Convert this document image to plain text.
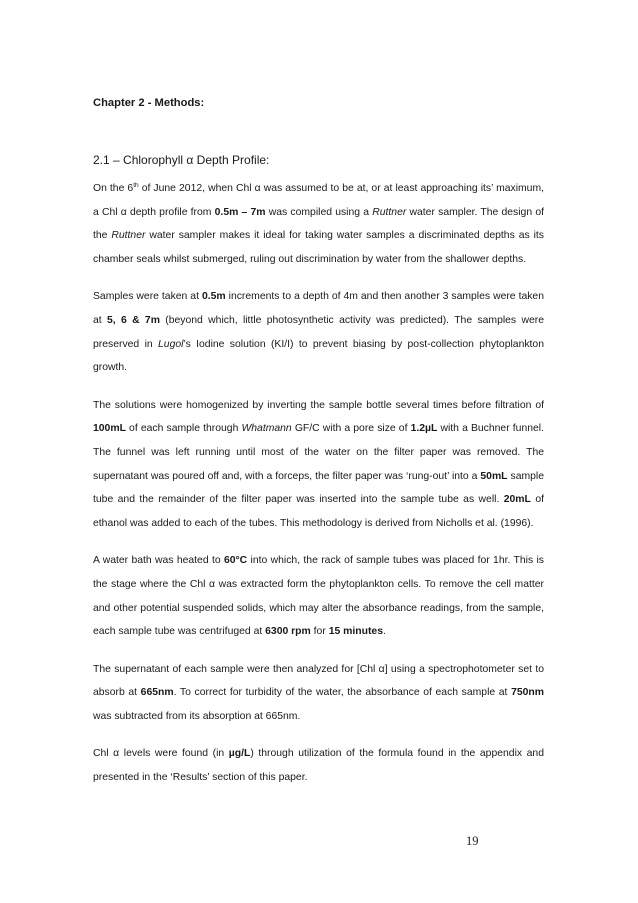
Chapter 2 - Methods:
2.1 – Chlorophyll α Depth Profile:

On the 6th of June 2012, when Chl α was assumed to be at, or at least approaching its’ maximum, a Chl α depth profile from 0.5m – 7m was compiled using a Ruttner water sampler. The design of the Ruttner water sampler makes it ideal for taking water samples a discriminated depths as its chamber seals whilst submerged, ruling out discrimination by water from the shallower depths.

Samples were taken at 0.5m increments to a depth of 4m and then another 3 samples were taken at 5, 6 & 7m (beyond which, little photosynthetic activity was predicted). The samples were preserved in Lugol’s Iodine solution (KI/I) to prevent biasing by post-collection phytoplankton growth.

The solutions were homogenized by inverting the sample bottle several times before filtration of 100mL of each sample through Whatmann GF/C with a pore size of 1.2µL with a Buchner funnel. The funnel was left running until most of the water on the filter paper was removed. The supernatant was poured off and, with a forceps, the filter paper was ‘rung-out’ into a 50mL sample tube and the remainder of the filter paper was inserted into the sample tube as well. 20mL of ethanol was added to each of the tubes. This methodology is derived from Nicholls et al. (1996).

A water bath was heated to 60°C into which, the rack of sample tubes was placed for 1hr. This is the stage where the Chl α was extracted form the phytoplankton cells. To remove the cell matter and other potential suspended solids, which may alter the absorbance readings, from the sample, each sample tube was centrifuged at 6300 rpm for 15 minutes.

The supernatant of each sample were then analyzed for [Chl α] using a spectrophotometer set to absorb at 665nm. To correct for turbidity of the water, the absorbance of each sample at 750nm was subtracted from its absorption at 665nm.

Chl α levels were found (in µg/L) through utilization of the formula found in the appendix and presented in the ‘Results’ section of this paper.

19
